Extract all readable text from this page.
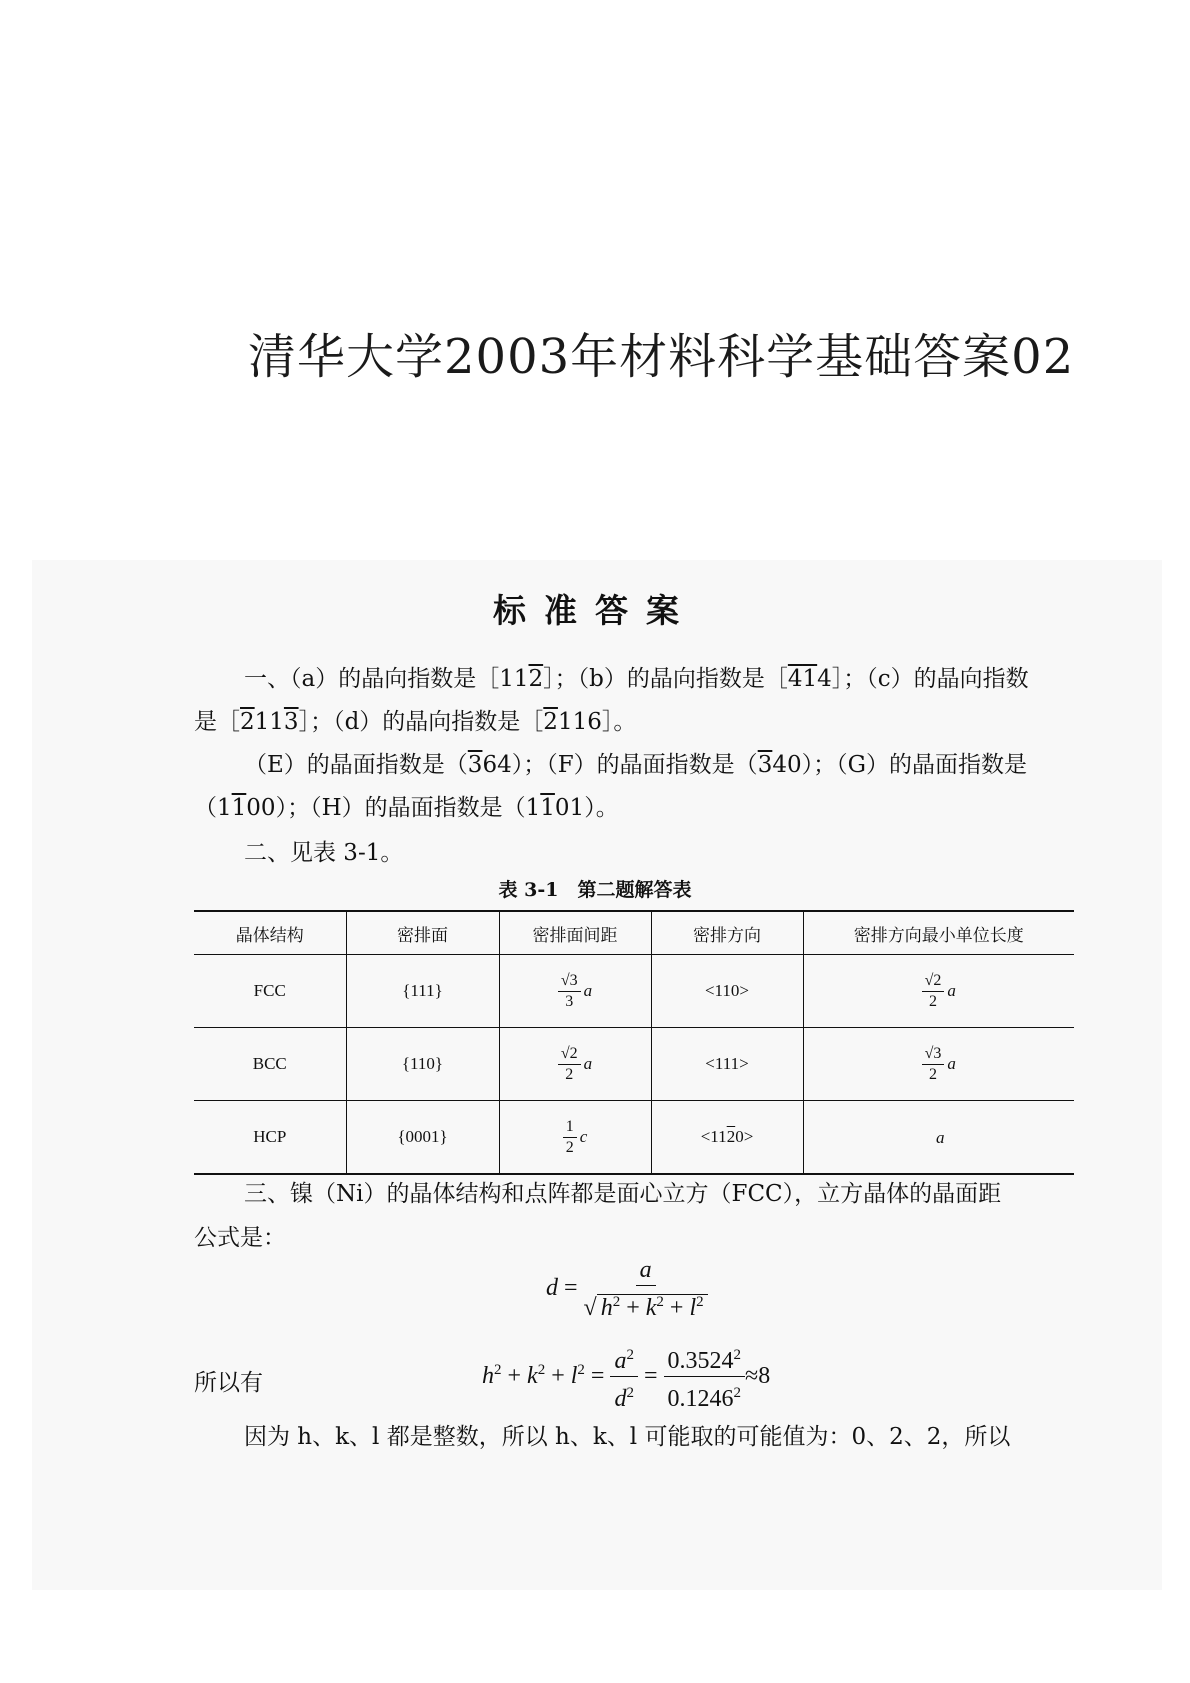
清华大学2003年材料科学基础答案02
标准答案
一、（a）的晶向指数是［112］；（b）的晶向指数是［414］；（c）的晶向指数
是［2113］；（d）的晶向指数是［2116］。
（E）的晶面指数是（364）；（F）的晶面指数是（340）；（G）的晶面指数是
（1100）；（H）的晶面指数是（1101）。
二、见表 3-1。
表 3-1　第二题解答表
晶体结构	密排面	密排面间距	密排方向	密排方向最小单位长度
FCC	{111}	$\frac{√3}{3}$ a	<110>	$\frac{√2}{2}$ a
BCC	{110}	$\frac{√2}{2}$ a	<111>	$\frac{√3}{2}$ a
HCP	{0001}	$\frac{1}{2}$ c	<1120>	a
三、镍（Ni）的晶体结构和点阵都是面心立方（FCC），立方晶体的晶面距
公式是：
$d = \frac{a}{√ h^2 + k^2 + l^2}$
所以有	$h^2 + k^2 + l^2 = \frac{a^2}{d^2} = \frac{0.3524^2}{0.1246^2} \approx 8$
因为 h、k、l 都是整数，所以 h、k、l 可能取的可能值为：0、2、2，所以
